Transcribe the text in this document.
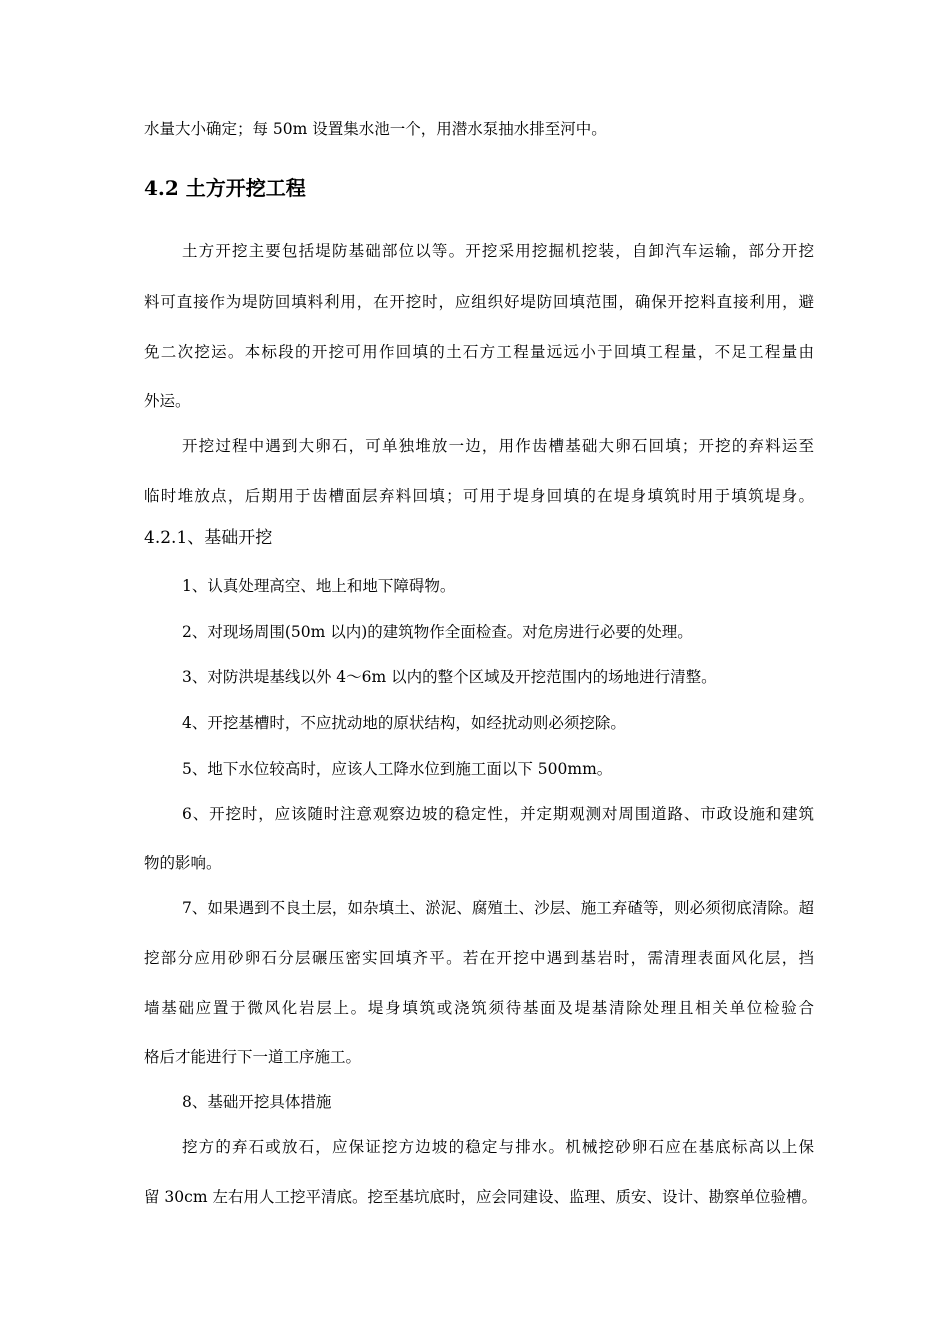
水量大小确定；每 50m 设置集水池一个，用潜水泵抽水排至河中。
4.2 土方开挖工程
土方开挖主要包括堤防基础部位以等。开挖采用挖掘机挖装，自卸汽车运输，部分开挖
料可直接作为堤防回填料利用，在开挖时，应组织好堤防回填范围，确保开挖料直接利用，避
免二次挖运。本标段的开挖可用作回填的土石方工程量远远小于回填工程量，不足工程量由
外运。
开挖过程中遇到大卵石，可单独堆放一边，用作齿槽基础大卵石回填；开挖的弃料运至
临时堆放点，后期用于齿槽面层弃料回填；可用于堤身回填的在堤身填筑时用于填筑堤身。
4.2.1、基础开挖
1、认真处理高空、地上和地下障碍物。
2、对现场周围(50m 以内)的建筑物作全面检查。对危房进行必要的处理。
3、对防洪堤基线以外 4～6m 以内的整个区域及开挖范围内的场地进行清整。
4、开挖基槽时，不应扰动地的原状结构，如经扰动则必须挖除。
5、地下水位较高时，应该人工降水位到施工面以下 500mm。
6、开挖时，应该随时注意观察边坡的稳定性，并定期观测对周围道路、市政设施和建筑
物的影响。
7、如果遇到不良土层，如杂填土、淤泥、腐殖土、沙层、施工弃碴等，则必须彻底清除。超
挖部分应用砂卵石分层碾压密实回填齐平。若在开挖中遇到基岩时，需清理表面风化层，挡
墙基础应置于微风化岩层上。堤身填筑或浇筑须待基面及堤基清除处理且相关单位检验合
格后才能进行下一道工序施工。
8、基础开挖具体措施
挖方的弃石或放石，应保证挖方边坡的稳定与排水。机械挖砂卵石应在基底标高以上保
留 30cm 左右用人工挖平清底。挖至基坑底时，应会同建设、监理、质安、设计、勘察单位验槽。
